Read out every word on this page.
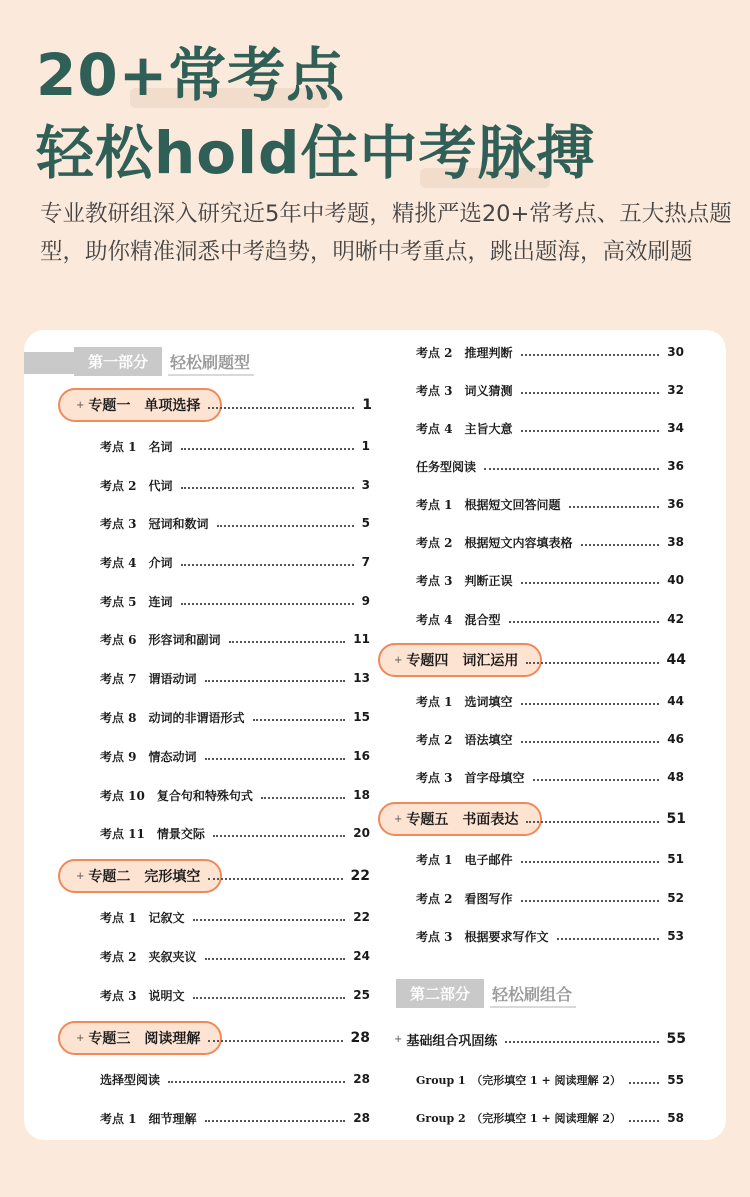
20+常考点
轻松hold住中考脉搏

专业教研组深入研究近5年中考题，精挑严选20+常考点、五大热点题型，助你精准洞悉中考趋势，明晰中考重点，跳出题海，高效刷题

第一部分	轻松刷题型
+ 专题一　单项选择	1
考点 1　名词	1
考点 2　代词	3
考点 3　冠词和数词	5
考点 4　介词	7
考点 5　连词	9
考点 6　形容词和副词	11
考点 7　谓语动词	13
考点 8　动词的非谓语形式	15
考点 9　情态动词	16
考点 10　复合句和特殊句式	18
考点 11　情景交际	20
+ 专题二　完形填空	22
考点 1　记叙文	22
考点 2　夹叙夹议	24
考点 3　说明文	25
+ 专题三　阅读理解	28
选择型阅读	28
考点 1　细节理解	28
考点 2　推理判断	30
考点 3　词义猜测	32
考点 4　主旨大意	34
任务型阅读	36
考点 1　根据短文回答问题	36
考点 2　根据短文内容填表格	38
考点 3　判断正误	40
考点 4　混合型	42
+ 专题四　词汇运用	44
考点 1　选词填空	44
考点 2　语法填空	46
考点 3　首字母填空	48
+ 专题五　书面表达	51
考点 1　电子邮件	51
考点 2　看图写作	52
考点 3　根据要求写作文	53
第二部分	轻松刷组合
+ 基础组合巩固练	55
Group 1　（完形填空 1 + 阅读理解 2）	55
Group 2　（完形填空 1 + 阅读理解 2）	58
